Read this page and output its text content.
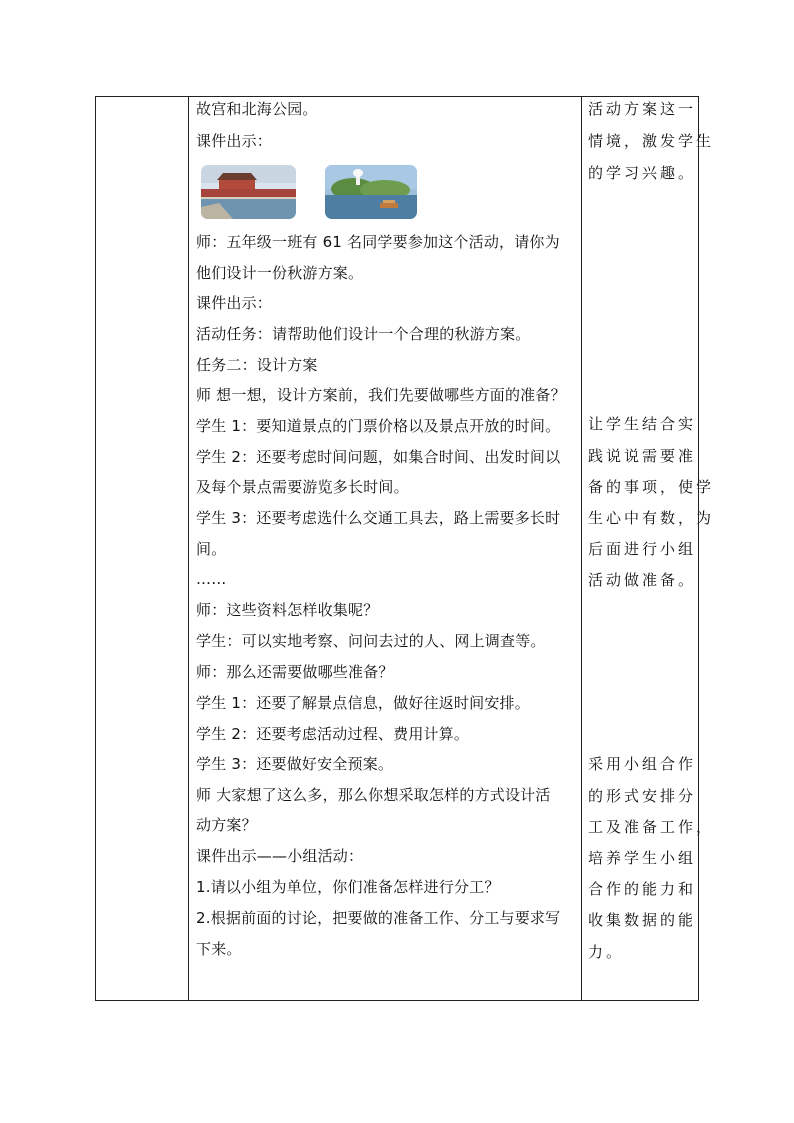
故宫和北海公园。
课件出示：
师：五年级一班有 61 名同学要参加这个活动，请你为
他们设计一份秋游方案。
课件出示：
活动任务：请帮助他们设计一个合理的秋游方案。
任务二：设计方案
师 想一想，设计方案前，我们先要做哪些方面的准备？
学生 1：要知道景点的门票价格以及景点开放的时间。
学生 2：还要考虑时间问题，如集合时间、出发时间以
及每个景点需要游览多长时间。
学生 3：还要考虑选什么交通工具去，路上需要多长时
间。
……
师：这些资料怎样收集呢？
学生：可以实地考察、问问去过的人、网上调查等。
师：那么还需要做哪些准备？
学生 1：还要了解景点信息，做好往返时间安排。
学生 2：还要考虑活动过程、费用计算。
学生 3：还要做好安全预案。
师 大家想了这么多，那么你想采取怎样的方式设计活
动方案？
课件出示——小组活动：
1.请以小组为单位，你们准备怎样进行分工？
2.根据前面的讨论，把要做的准备工作、分工与要求写
下来。
活动方案这一
情境，激发学生
的学习兴趣。
让学生结合实
践说说需要准
备的事项，使学
生心中有数，为
后面进行小组
活动做准备。
采用小组合作
的形式安排分
工及准备工作，
培养学生小组
合作的能力和
收集数据的能
力。
